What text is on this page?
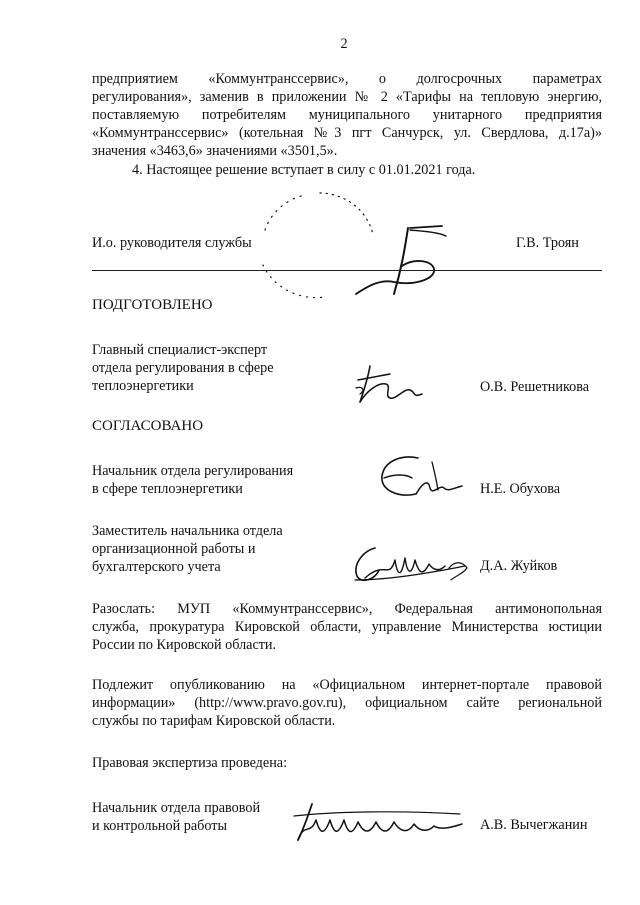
2
предприятием «Коммунтранссервис», о долгосрочных параметрах
регулирования», заменив в приложении № 2 «Тарифы на тепловую энергию,
поставляемую потребителям муниципального унитарного предприятия
«Коммунтранссервис» (котельная №3 пгт Санчурск, ул. Свердлова, д.17а)»
значения «3463,6» значениями «3501,5».
4. Настоящее решение вступает в силу с 01.01.2021 года.
И.о. руководителя службы	Г.В. Троян
ПОДГОТОВЛЕНО
Главный специалист-эксперт
отдела регулирования в сфере
теплоэнергетики	О.В. Решетникова
СОГЛАСОВАНО
Начальник отдела регулирования
в сфере теплоэнергетики	Н.Е. Обухова
Заместитель начальника отдела
организационной работы и
бухгалтерского учета	Д.А. Жуйков
Разослать: МУП «Коммунтранссервис», Федеральная антимонопольная
служба, прокуратура Кировской области, управление Министерства юстиции
России по Кировской области.
Подлежит опубликованию на «Официальном интернет-портале правовой
информации» (http://www.pravo.gov.ru), официальном сайте региональной
службы по тарифам Кировской области.
Правовая экспертиза проведена:
Начальник отдела правовой
и контрольной работы	А.В. Вычегжанин
